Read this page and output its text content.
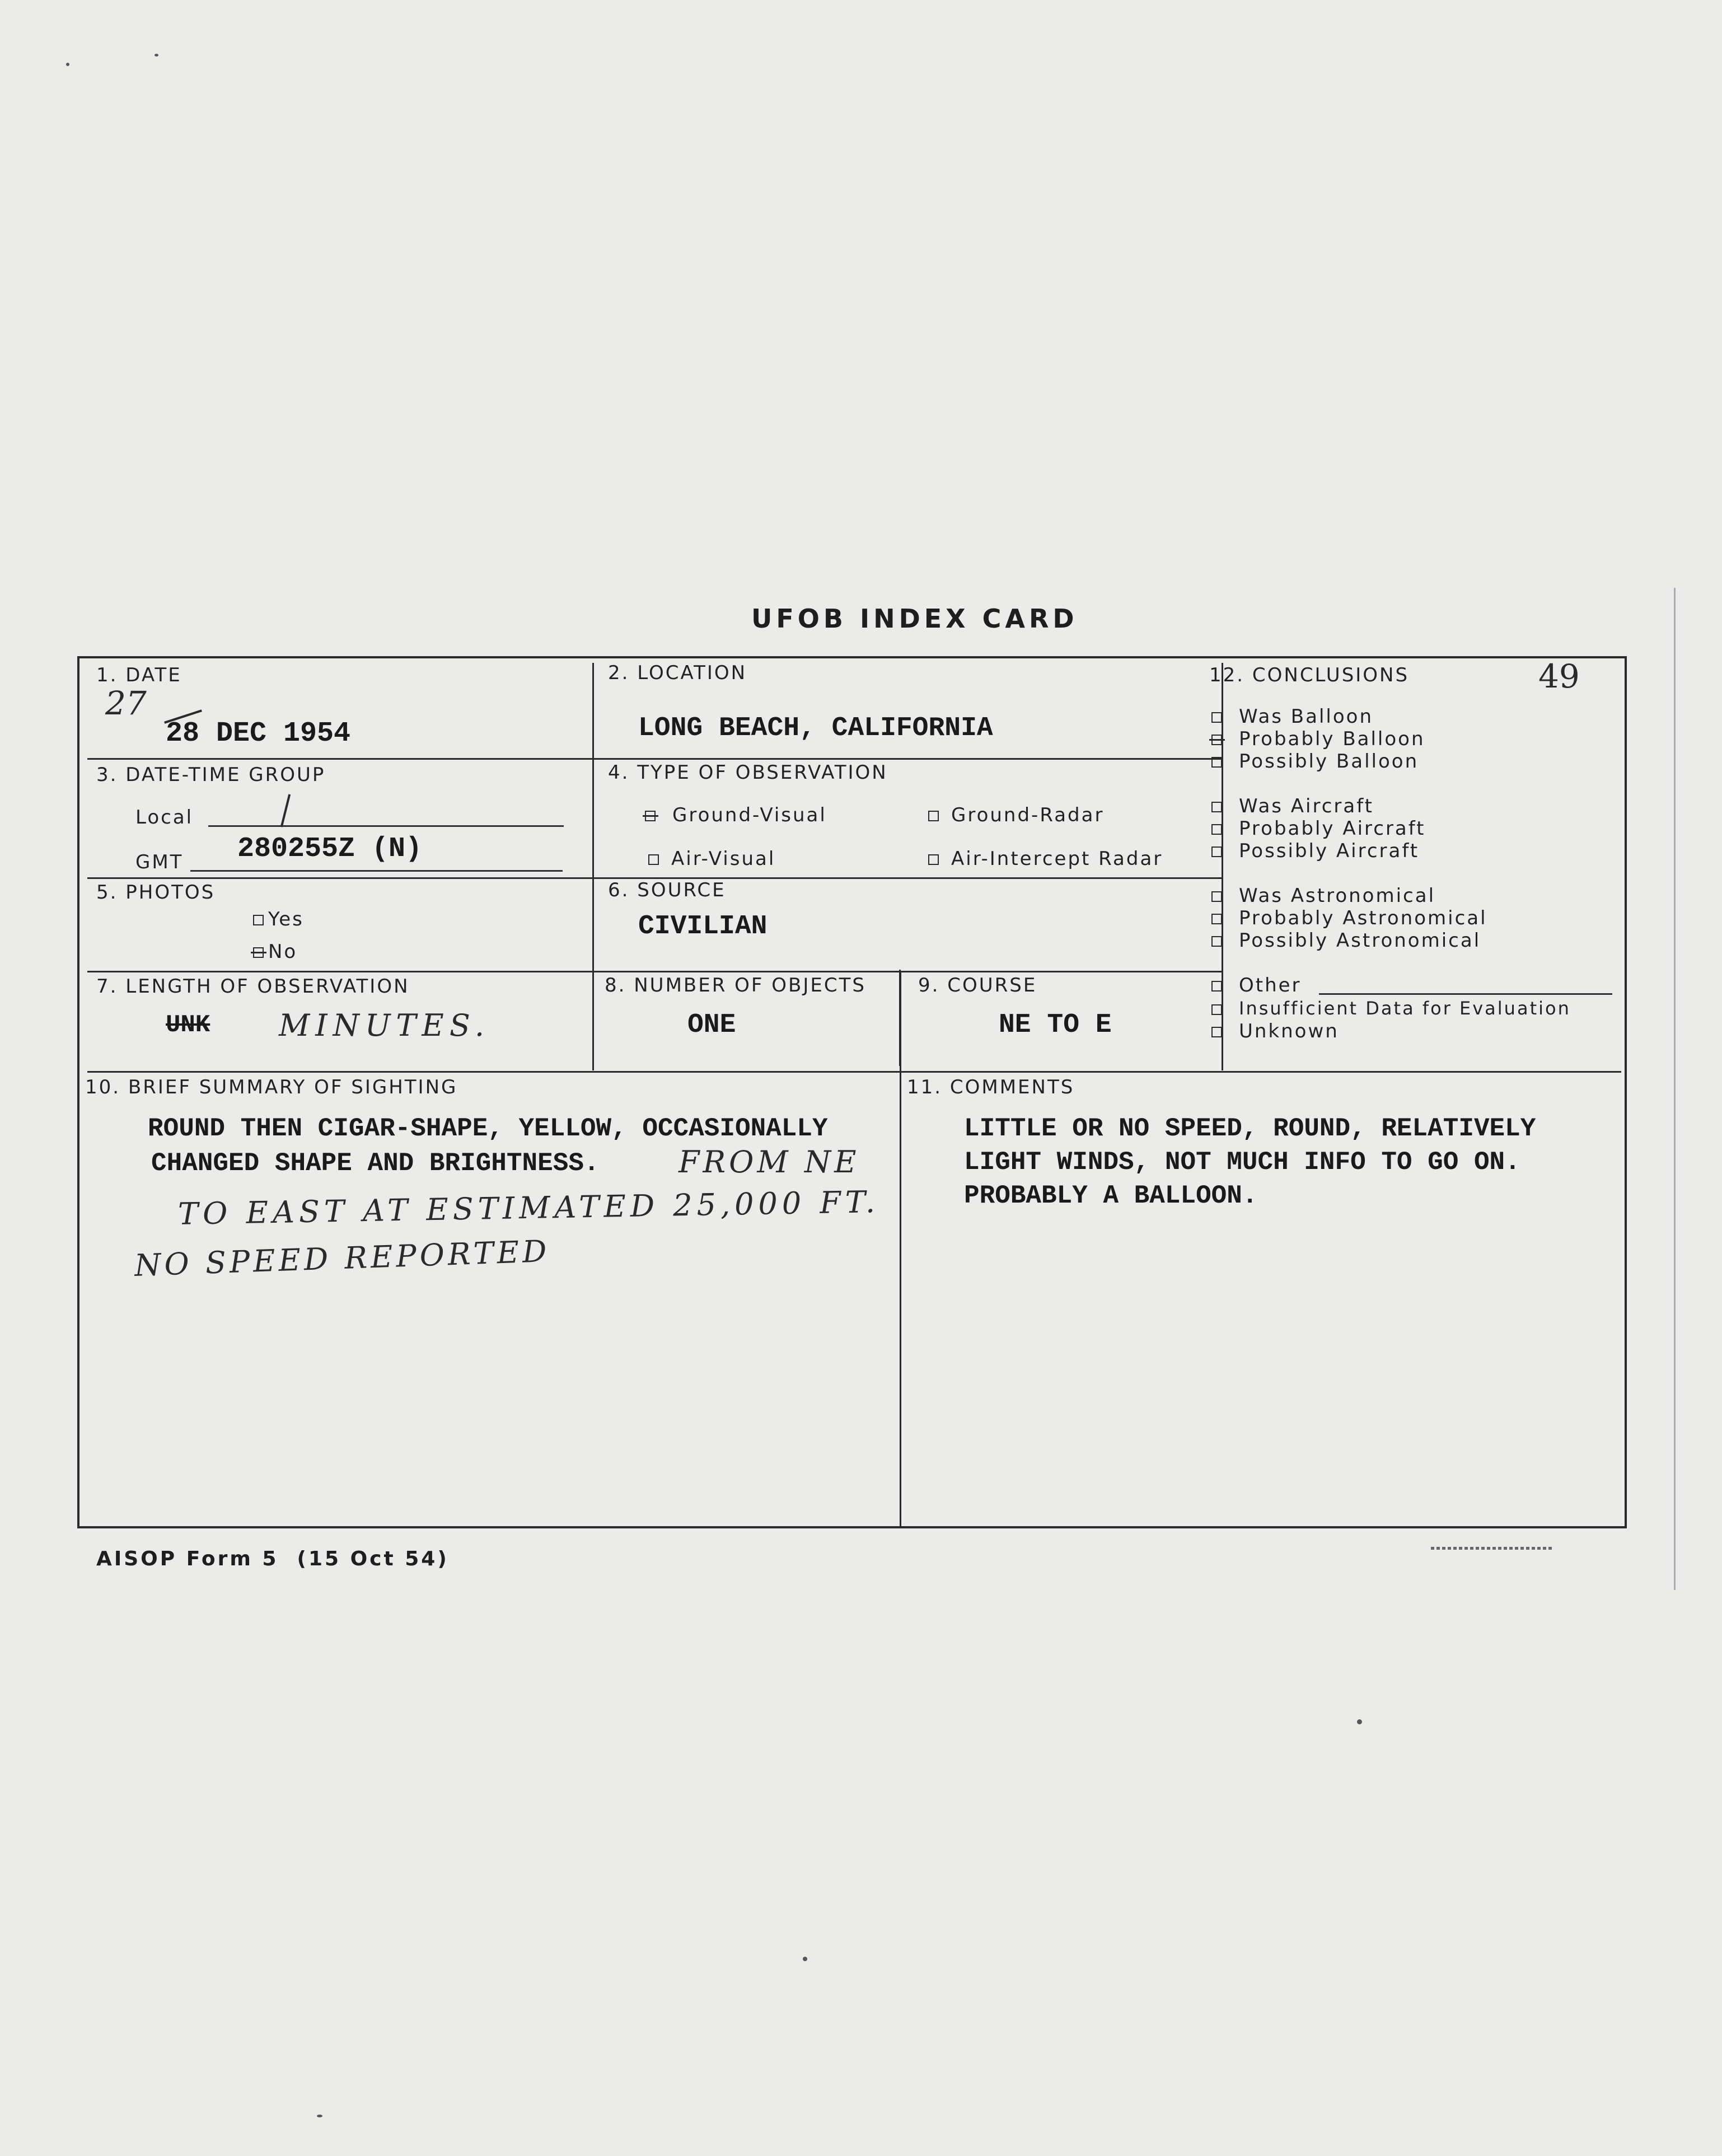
UFOB INDEX CARD
1. DATE
27
28 DEC 1954
2. LOCATION
LONG BEACH, CALIFORNIA
3. DATE-TIME GROUP
Local
GMT 280255Z (N)
4. TYPE OF OBSERVATION
Ground-Visual	Ground-Radar
Air-Visual	Air-Intercept Radar
5. PHOTOS
Yes
No
6. SOURCE
CIVILIAN
7. LENGTH OF OBSERVATION
UNK MINUTES.
8. NUMBER OF OBJECTS
ONE
9. COURSE
NE TO E
10. BRIEF SUMMARY OF SIGHTING
ROUND THEN CIGAR-SHAPE, YELLOW, OCCASIONALLY
CHANGED SHAPE AND BRIGHTNESS.	FROM NE
TO EAST AT ESTIMATED 25,000 FT.
NO SPEED REPORTED
11. COMMENTS
LITTLE OR NO SPEED, ROUND, RELATIVELY
LIGHT WINDS, NOT MUCH INFO TO GO ON.
PROBABLY A BALLOON.
12. CONCLUSIONS	49
Was Balloon
Probably Balloon
Possibly Balloon
Was Aircraft
Probably Aircraft
Possibly Aircraft
Was Astronomical
Probably Astronomical
Possibly Astronomical
Other
Insufficient Data for Evaluation
Unknown
AISOP Form 5  (15 Oct 54)
